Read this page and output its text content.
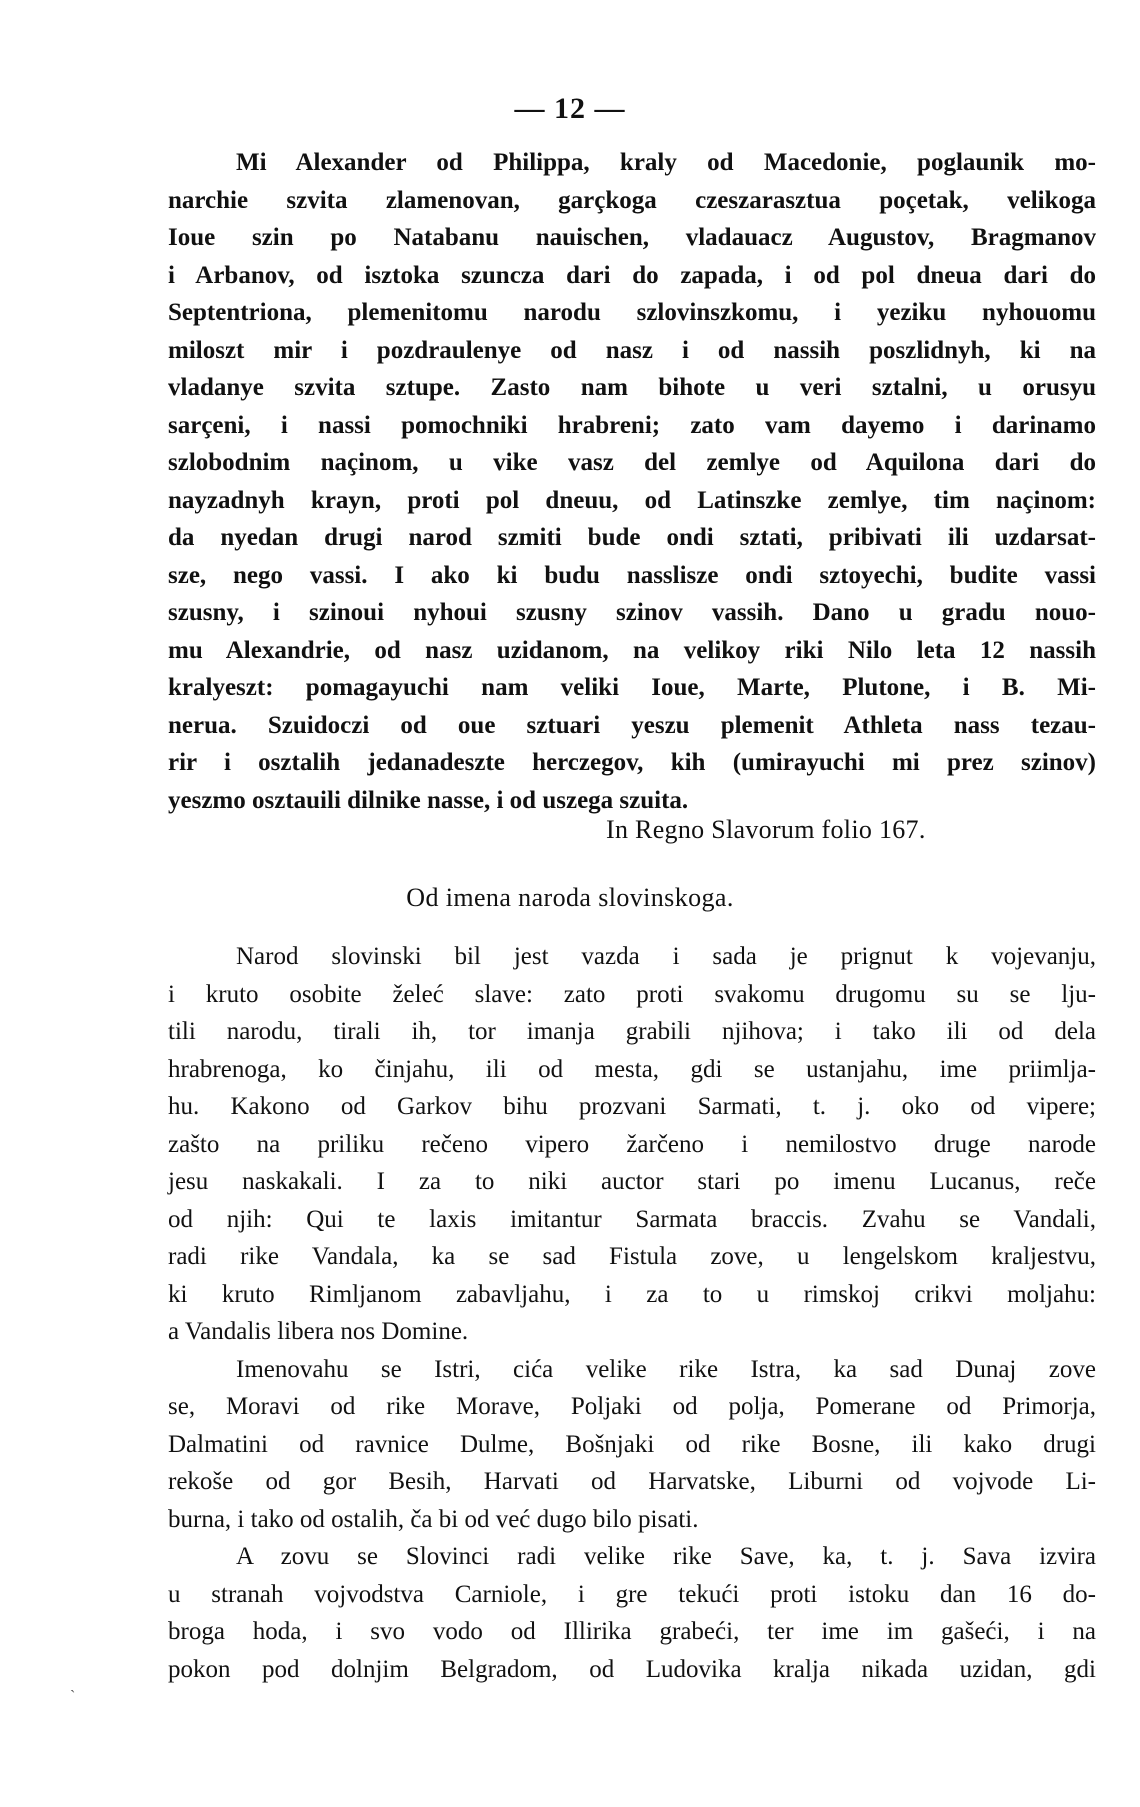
— 12 —
Mi Alexander od Philippa, kraly od Macedonie, poglaunik mo-
narchie szvita zlamenovan, garçkoga czeszarasztua poçetak, velikoga
Ioue szin po Natabanu nauischen, vladauacz Augustov, Bragmanov
i Arbanov, od isztoka szuncza dari do zapada, i od pol dneua dari do
Septentriona, plemenitomu narodu szlovinszkomu, i yeziku nyhouomu
miloszt mir i pozdraulenye od nasz i od nassih poszlidnyh, ki na
vladanye szvita sztupe. Zasto nam bihote u veri sztalni, u orusyu
sarçeni, i nassi pomochniki hrabreni; zato vam dayemo i darinamo
szlobodnim naçinom, u vike vasz del zemlye od Aquilona dari do
nayzadnyh krayn, proti pol dneuu, od Latinszke zemlye, tim naçinom:
da nyedan drugi narod szmiti bude ondi sztati, pribivati ili uzdarsat-
sze, nego vassi. I ako ki budu nasslisze ondi sztoyechi, budite vassi
szusny, i szinoui nyhoui szusny szinov vassih. Dano u gradu nouo-
mu Alexandrie, od nasz uzidanom, na velikoy riki Nilo leta 12 nassih
kralyeszt: pomagayuchi nam veliki Ioue, Marte, Plutone, i B. Mi-
nerua. Szuidoczi od oue sztuari yeszu plemenit Athleta nass tezau-
rir i osztalih jedanadeszte herczegov, kih (umirayuchi mi prez szinov)
yeszmo osztauili dilnike nasse, i od uszega szuita.
In Regno Slavorum folio 167.
Od imena naroda slovinskoga.
Narod slovinski bil jest vazda i sada je prignut k vojevanju,
i kruto osobite želeć slave: zato proti svakomu drugomu su se lju-
tili narodu, tirali ih, tor imanja grabili njihova; i tako ili od dela
hrabrenoga, ko činjahu, ili od mesta, gdi se ustanjahu, ime priimlja-
hu. Kakono od Garkov bihu prozvani Sarmati, t. j. oko od vipere;
zašto na priliku rečeno vipero žarčeno i nemilostvo druge narode
jesu naskakali. I za to niki auctor stari po imenu Lucanus, reče
od njih: Qui te laxis imitantur Sarmata braccis. Zvahu se Vandali,
radi rike Vandala, ka se sad Fistula zove, u lengelskom kraljestvu,
ki kruto Rimljanom zabavljahu, i za to u rimskoj crikvi moljahu:
a Vandalis libera nos Domine.
Imenovahu se Istri, cića velike rike Istra, ka sad Dunaj zove
se, Moravi od rike Morave, Poljaki od polja, Pomerane od Primorja,
Dalmatini od ravnice Dulme, Bošnjaki od rike Bosne, ili kako drugi
rekoše od gor Besih, Harvati od Harvatske, Liburni od vojvode Li-
burna, i tako od ostalih, ča bi od već dugo bilo pisati.
A zovu se Slovinci radi velike rike Save, ka, t. j. Sava izvira
u stranah vojvodstva Carniole, i gre tekući proti istoku dan 16 do-
broga hoda, i svo vodo od Illirika grabeći, ter ime im gašeći, i na
pokon pod dolnjim Belgradom, od Ludovika kralja nikada uzidan, gdi
`
